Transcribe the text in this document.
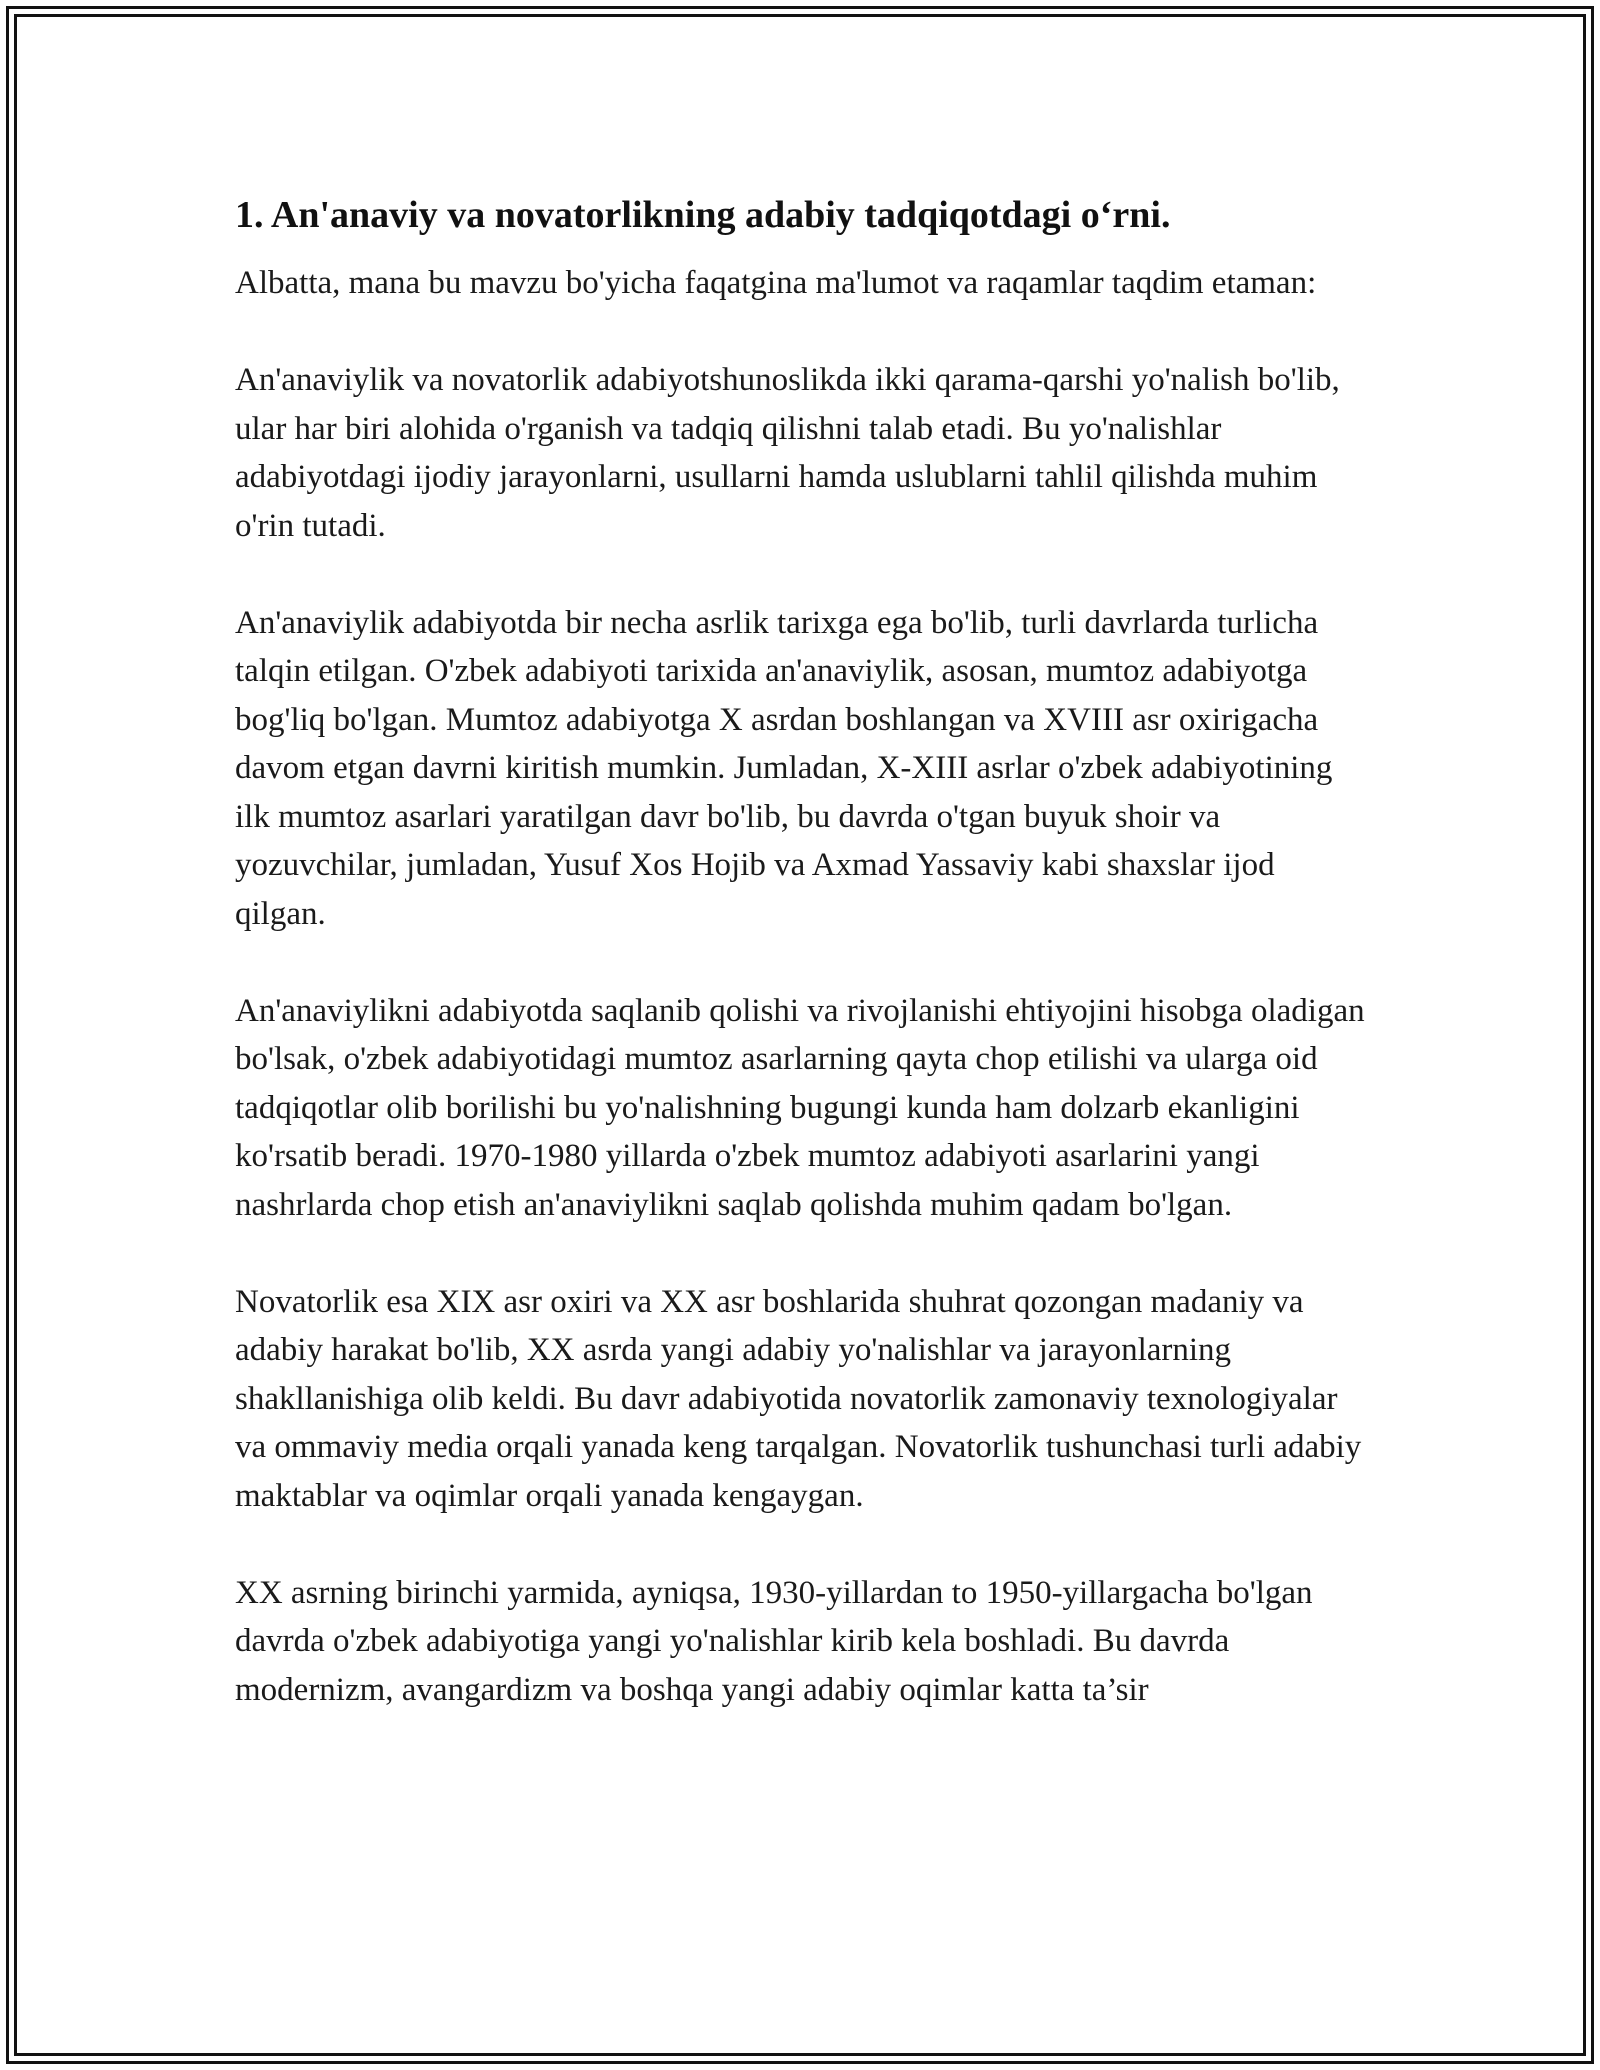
1. An'anaviy va novatorlikning adabiy tadqiqotdagi o‘rni.

Albatta, mana bu mavzu bo'yicha faqatgina ma'lumot va raqamlar taqdim etaman:

An'anaviylik va novatorlik adabiyotshunoslikda ikki qarama-qarshi yo'nalish bo'lib, ular har biri alohida o'rganish va tadqiq qilishni talab etadi. Bu yo'nalishlar adabiyotdagi ijodiy jarayonlarni, usullarni hamda uslublarni tahlil qilishda muhim o'rin tutadi.

An'anaviylik adabiyotda bir necha asrlik tarixga ega bo'lib, turli davrlarda turlicha talqin etilgan. O'zbek adabiyoti tarixida an'anaviylik, asosan, mumtoz adabiyotga bog'liq bo'lgan. Mumtoz adabiyotga X asrdan boshlangan va XVIII asr oxirigacha davom etgan davrni kiritish mumkin. Jumladan, X-XIII asrlar o'zbek adabiyotining ilk mumtoz asarlari yaratilgan davr bo'lib, bu davrda o'tgan buyuk shoir va yozuvchilar, jumladan, Yusuf Xos Hojib va Axmad Yassaviy kabi shaxslar ijod qilgan.

An'anaviylikni adabiyotda saqlanib qolishi va rivojlanishi ehtiyojini hisobga oladigan bo'lsak, o'zbek adabiyotidagi mumtoz asarlarning qayta chop etilishi va ularga oid tadqiqotlar olib borilishi bu yo'nalishning bugungi kunda ham dolzarb ekanligini ko'rsatib beradi. 1970-1980 yillarda o'zbek mumtoz adabiyoti asarlarini yangi nashrlarda chop etish an'anaviylikni saqlab qolishda muhim qadam bo'lgan.

Novatorlik esa XIX asr oxiri va XX asr boshlarida shuhrat qozongan madaniy va adabiy harakat bo'lib, XX asrda yangi adabiy yo'nalishlar va jarayonlarning shakllanishiga olib keldi. Bu davr adabiyotida novatorlik zamonaviy texnologiyalar va ommaviy media orqali yanada keng tarqalgan. Novatorlik tushunchasi turli adabiy maktablar va oqimlar orqali yanada kengaygan.

XX asrning birinchi yarmida, ayniqsa, 1930-yillardan to 1950-yillargacha bo'lgan davrda o'zbek adabiyotiga yangi yo'nalishlar kirib kela boshladi. Bu davrda modernizm, avangardizm va boshqa yangi adabiy oqimlar katta ta’sir
